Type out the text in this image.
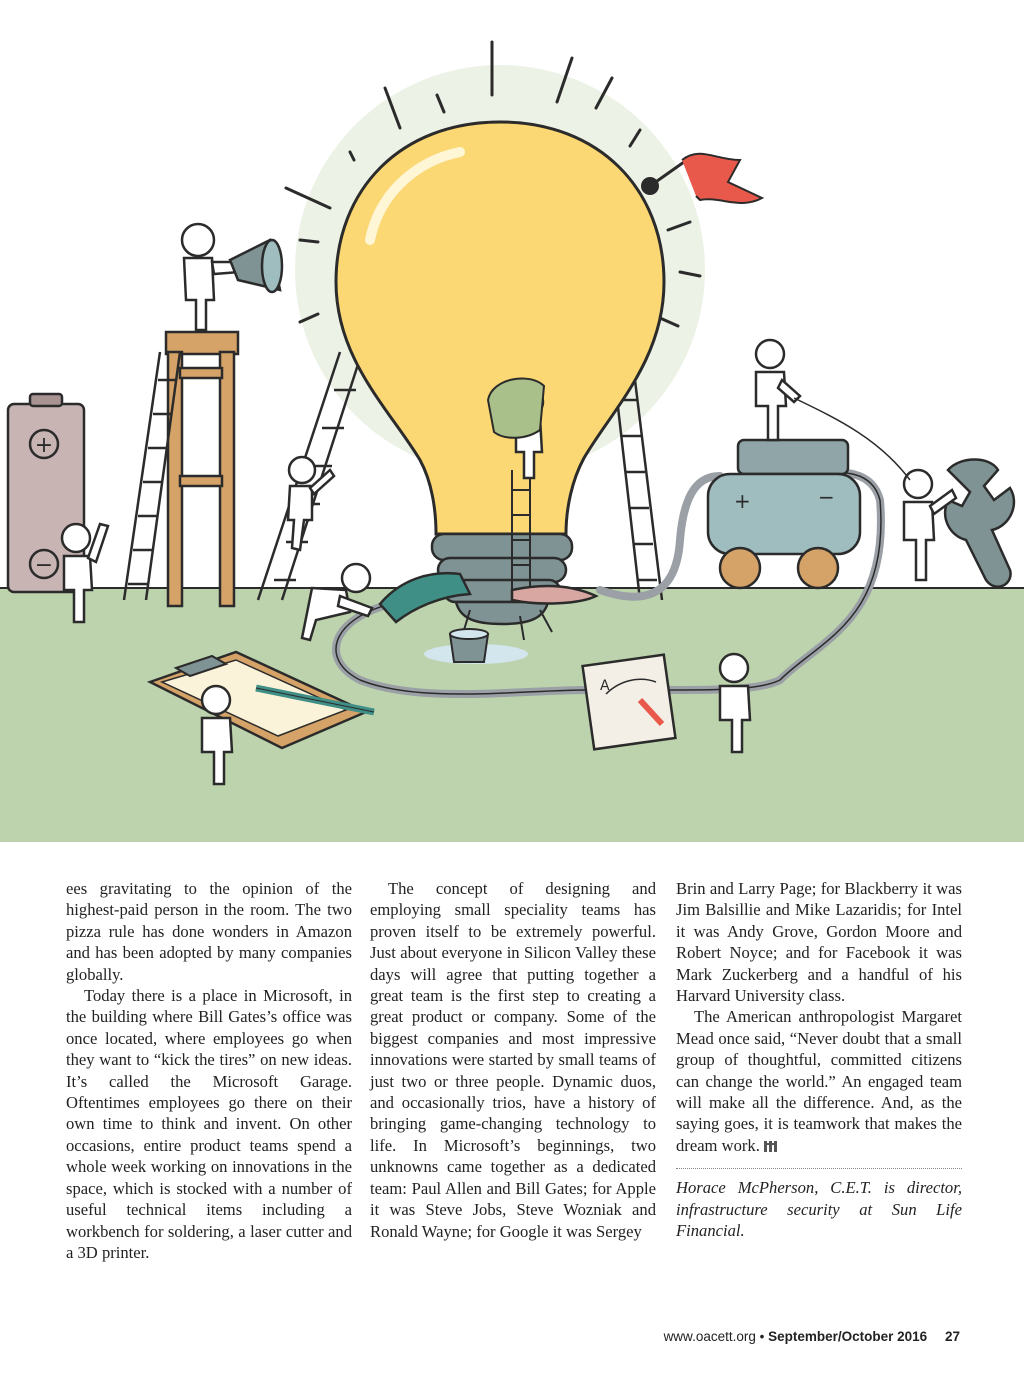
+
−
+	−
A

ees gravitating to the opinion of the highest-paid person in the room. The two pizza rule has done wonders in Amazon and has been adopted by many companies globally.

Today there is a place in Microsoft, in the building where Bill Gates’s office was once located, where employees go when they want to “kick the tires” on new ideas. It’s called the Microsoft Garage. Oftentimes employees go there on their own time to think and invent. On other occasions, entire product teams spend a whole week working on innovations in the space, which is stocked with a number of useful technical items including a workbench for soldering, a laser cutter and a 3D printer.

The concept of designing and employing small speciality teams has proven itself to be extremely powerful. Just about everyone in Silicon Valley these days will agree that putting together a great team is the first step to creating a great product or company. Some of the biggest companies and most impressive innovations were started by small teams of just two or three people. Dynamic duos, and occasionally trios, have a history of bringing game-changing technology to life. In Microsoft’s beginnings, two unknowns came together as a dedicated team: Paul Allen and Bill Gates; for Apple it was Steve Jobs, Steve Wozniak and Ronald Wayne; for Google it was Sergey

Brin and Larry Page; for Blackberry it was Jim Balsillie and Mike Lazaridis; for Intel it was Andy Grove, Gordon Moore and Robert Noyce; and for Facebook it was Mark Zuckerberg and a handful of his Harvard University class.

The American anthropologist Margaret Mead once said, “Never doubt that a small group of thoughtful, committed citizens can change the world.” An engaged team will make all the difference. And, as the saying goes, it is teamwork that makes the dream work.

Horace McPherson, C.E.T. is director, infrastructure security at Sun Life Financial.

www.oacett.org • September/October 2016 27
